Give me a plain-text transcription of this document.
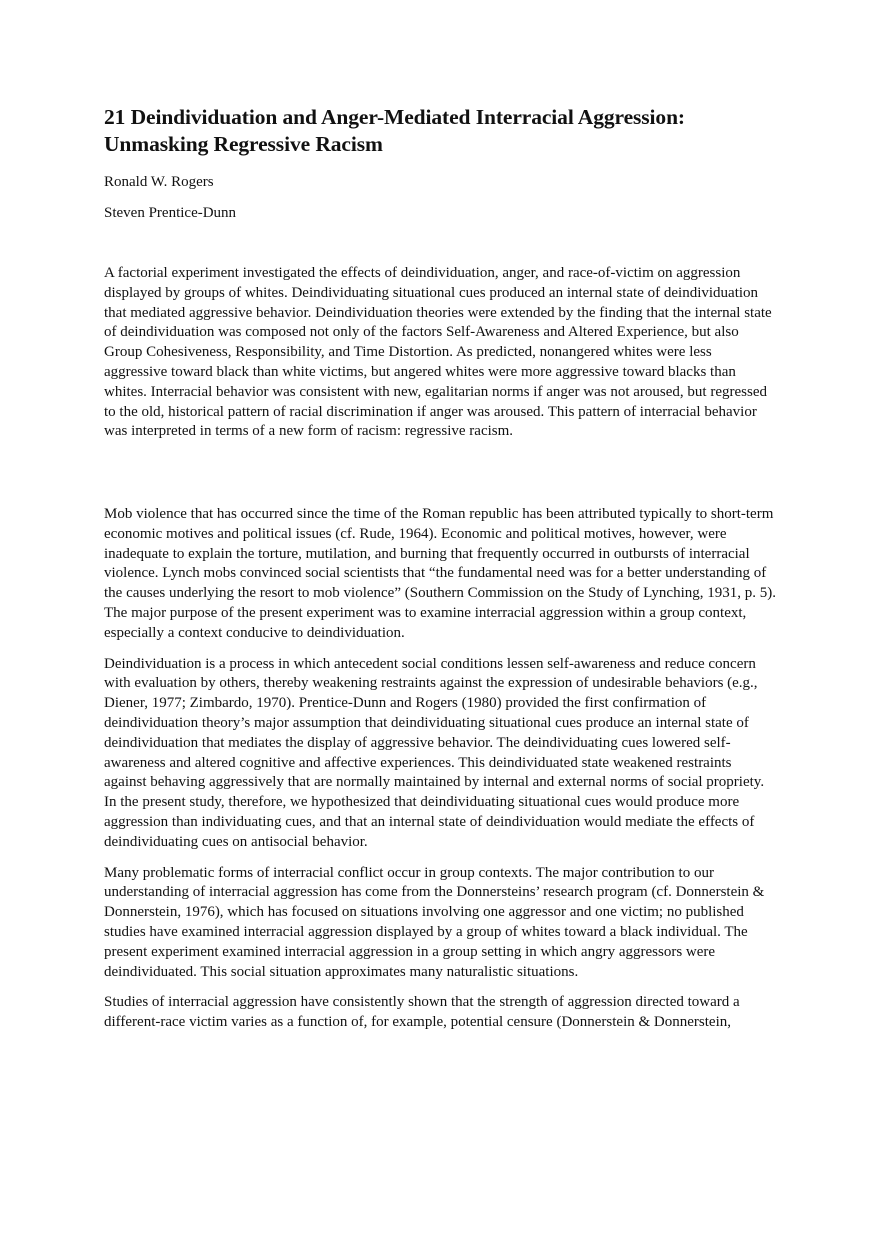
21 Deindividuation and Anger-Mediated Interracial Aggression: Unmasking Regressive Racism

Ronald W. Rogers

Steven Prentice-Dunn

A factorial experiment investigated the effects of deindividuation, anger, and race-of-victim on aggression displayed by groups of whites. Deindividuating situational cues produced an internal state of deindividuation that mediated aggressive behavior. Deindividuation theories were extended by the finding that the internal state of deindividuation was composed not only of the factors Self-Awareness and Altered Experience, but also Group Cohesiveness, Responsibility, and Time Distortion. As predicted, nonangered whites were less aggressive toward black than white victims, but angered whites were more aggressive toward blacks than whites. Interracial behavior was consistent with new, egalitarian norms if anger was not aroused, but regressed to the old, historical pattern of racial discrimination if anger was aroused. This pattern of interracial behavior was interpreted in terms of a new form of racism: regressive racism.

Mob violence that has occurred since the time of the Roman republic has been attributed typically to short-term economic motives and political issues (cf. Rude, 1964). Economic and political motives, however, were inadequate to explain the torture, mutilation, and burning that frequently occurred in outbursts of interracial violence. Lynch mobs convinced social scientists that “the fundamental need was for a better understanding of the causes underlying the resort to mob violence” (Southern Commission on the Study of Lynching, 1931, p. 5). The major purpose of the present experiment was to examine interracial aggression within a group context, especially a context conducive to deindividuation.

Deindividuation is a process in which antecedent social conditions lessen self-awareness and reduce concern with evaluation by others, thereby weakening restraints against the expression of undesirable behaviors (e.g., Diener, 1977; Zimbardo, 1970). Prentice-Dunn and Rogers (1980) provided the first confirmation of deindividuation theory’s major assumption that deindividuating situational cues produce an internal state of deindividuation that mediates the display of aggressive behavior. The deindividuating cues lowered self-awareness and altered cognitive and affective experiences. This deindividuated state weakened restraints against behaving aggressively that are normally maintained by internal and external norms of social propriety. In the present study, therefore, we hypothesized that deindividuating situational cues would produce more aggression than individuating cues, and that an internal state of deindividuation would mediate the effects of deindividuating cues on antisocial behavior.

Many problematic forms of interracial conflict occur in group contexts. The major contribution to our understanding of interracial aggression has come from the Donnersteins’ research program (cf. Donnerstein & Donnerstein, 1976), which has focused on situations involving one aggressor and one victim; no published studies have examined interracial aggression displayed by a group of whites toward a black individual. The present experiment examined interracial aggression in a group setting in which angry aggressors were deindividuated. This social situation approximates many naturalistic situations.

Studies of interracial aggression have consistently shown that the strength of aggression directed toward a different-race victim varies as a function of, for example, potential censure (Donnerstein & Donnerstein,
